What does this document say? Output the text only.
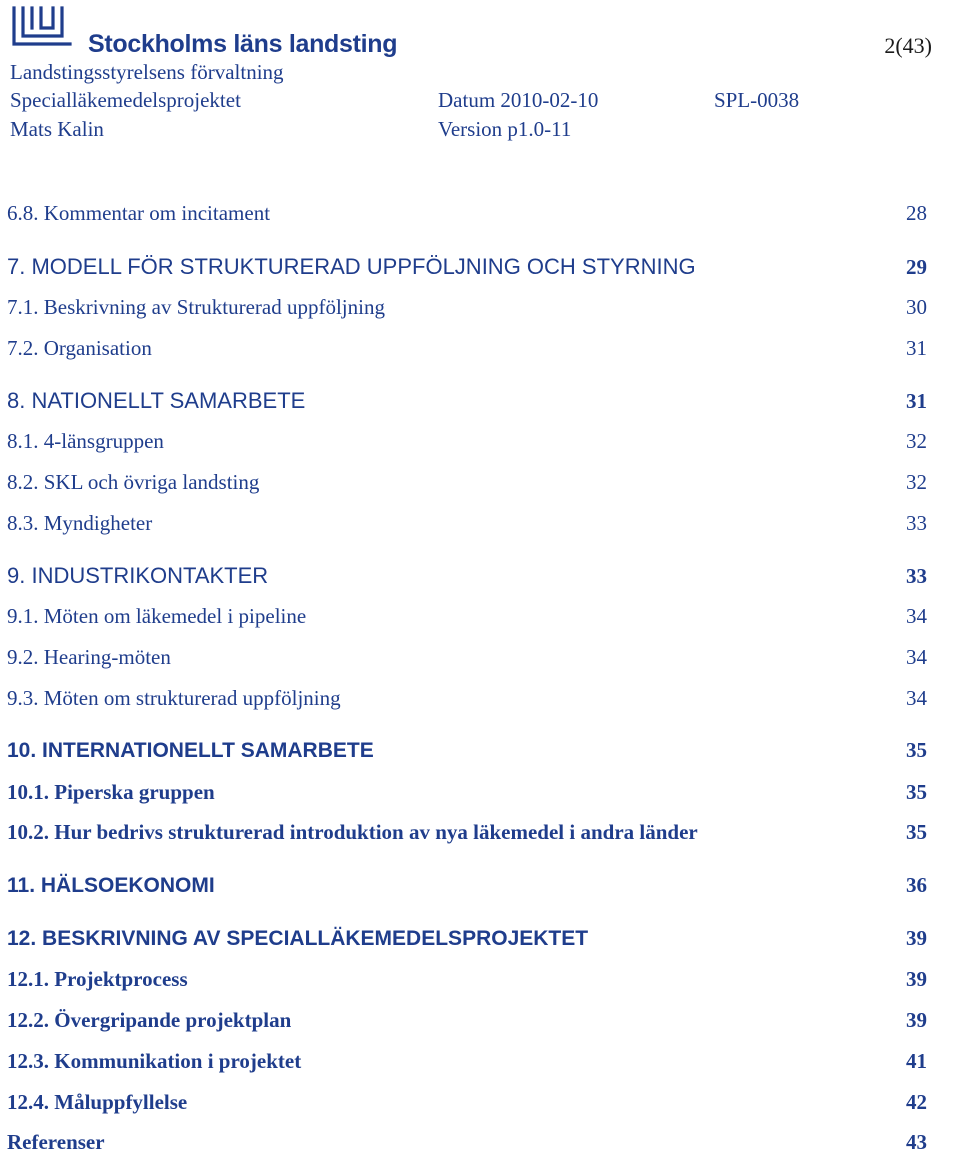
Stockholms läns landsting	2(43)
Landstingsstyrelsens förvaltning
Specialläkemedelsprojektet	Datum 2010-02-10	SPL-0038
Mats Kalin	Version p1.0-11
6.8. Kommentar om incitament	28
7. MODELL FÖR STRUKTURERAD UPPFÖLJNING OCH STYRNING	29
7.1. Beskrivning av Strukturerad uppföljning	30
7.2. Organisation	31
8. NATIONELLT SAMARBETE	31
8.1. 4-länsgruppen	32
8.2. SKL och övriga landsting	32
8.3. Myndigheter	33
9. INDUSTRIKONTAKTER	33
9.1. Möten om läkemedel i pipeline	34
9.2. Hearing-möten	34
9.3. Möten om strukturerad uppföljning	34
10. INTERNATIONELLT SAMARBETE	35
10.1. Piperska gruppen	35
10.2. Hur bedrivs strukturerad introduktion av nya läkemedel i andra länder	35
11. HÄLSOEKONOMI	36
12. BESKRIVNING AV SPECIALLÄKEMEDELSPROJEKTET	39
12.1. Projektprocess	39
12.2. Övergripande projektplan	39
12.3. Kommunikation i projektet	41
12.4. Måluppfyllelse	42
Referenser	43
